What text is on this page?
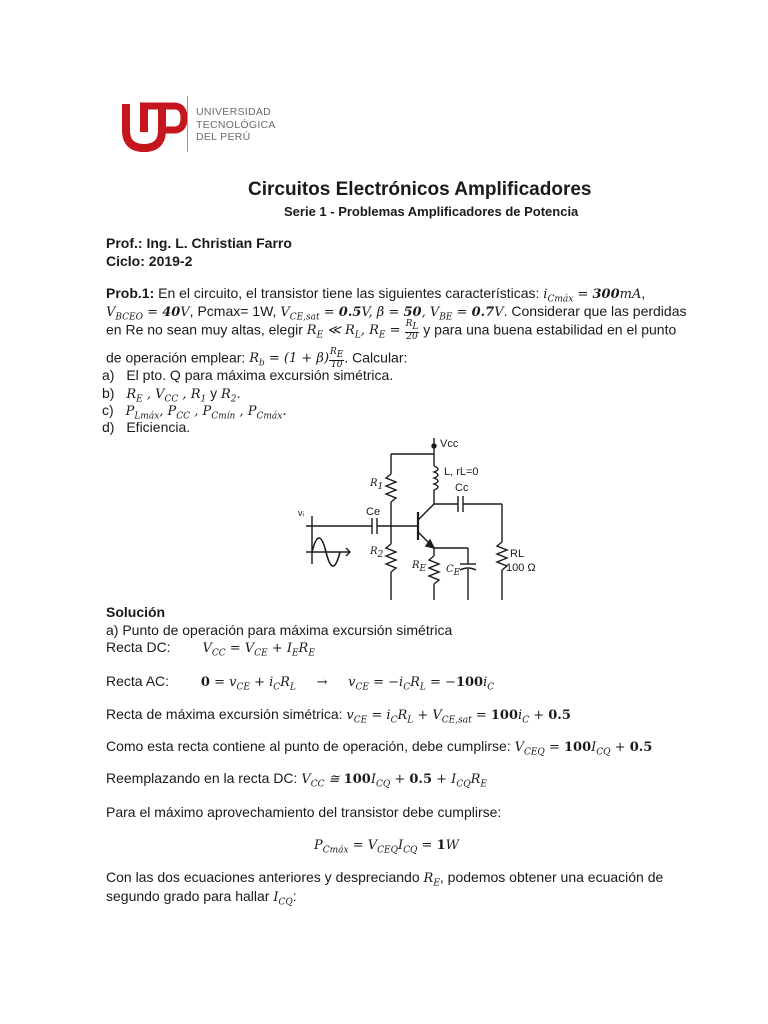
UNIVERSIDAD
TECNOLÓGICA
DEL PERÚ
Circuitos Electrónicos Amplificadores
Serie 1 - Problemas Amplificadores de Potencia
Prof.: Ing. L. Christian Farro
Ciclo: 2019-2
Prob.1: En el circuito, el transistor tiene las siguientes características: $i_{Cmáx} = 300mA$,
$V_{BCEO} = 40V$, Pcmax= 1W, $V_{CE,sat} = 0.5V$, β = 50, $V_{BE} = 0.7V$. Considerar que las perdidas
en Re no sean muy altas, elegir $R_E$ ≪ $R_L$, $R_E = \frac{R_L}{20}$ y para una buena estabilidad en el punto
de operación emplear: $R_b = (1 + \beta) \frac{R_E}{10}$ . Calcular:
a) El pto. Q para máxima excursión simétrica.
b) $R_E$ , $V_{CC}$ , $R_1$ y $R_2$.
c) $P_{Lmáx}$, $P_{CC}$ , $P_{Cmín}$ , $P_{Cmáx}$.
d) Eficiencia.
Vcc
L, rL=0
Cc
Ce
RL
100 Ω
vᵢ
$R_1$
$R_2$
$R_E$ $C_E$
Solución
a) Punto de operación para máxima excursión simétrica
Recta DC: $V_{CC} = V_{CE} + I_ER_E$
Recta AC: $0 = v_{CE} + i_CR_L$     →     $v_{CE} = -i_CR_L = -100i_C$
Recta de máxima excursión simétrica: $v_{CE} = i_CR_L + V_{CE,sat} = 100i_C + 0.5$
Como esta recta contiene al punto de operación, debe cumplirse: $V_{CEQ} = 100I_{CQ} + 0.5$
Reemplazando en la recta DC: $V_{CC}$ ≅ $100I_{CQ} + 0.5 + I_{CQ}R_E$
Para el máximo aprovechamiento del transistor debe cumplirse:
$P_{Cmáx} = V_{CEQ}I_{CQ} = 1W$
Con las dos ecuaciones anteriores y despreciando $R_E$, podemos obtener una ecuación de
segundo grado para hallar $I_{CQ}$:
